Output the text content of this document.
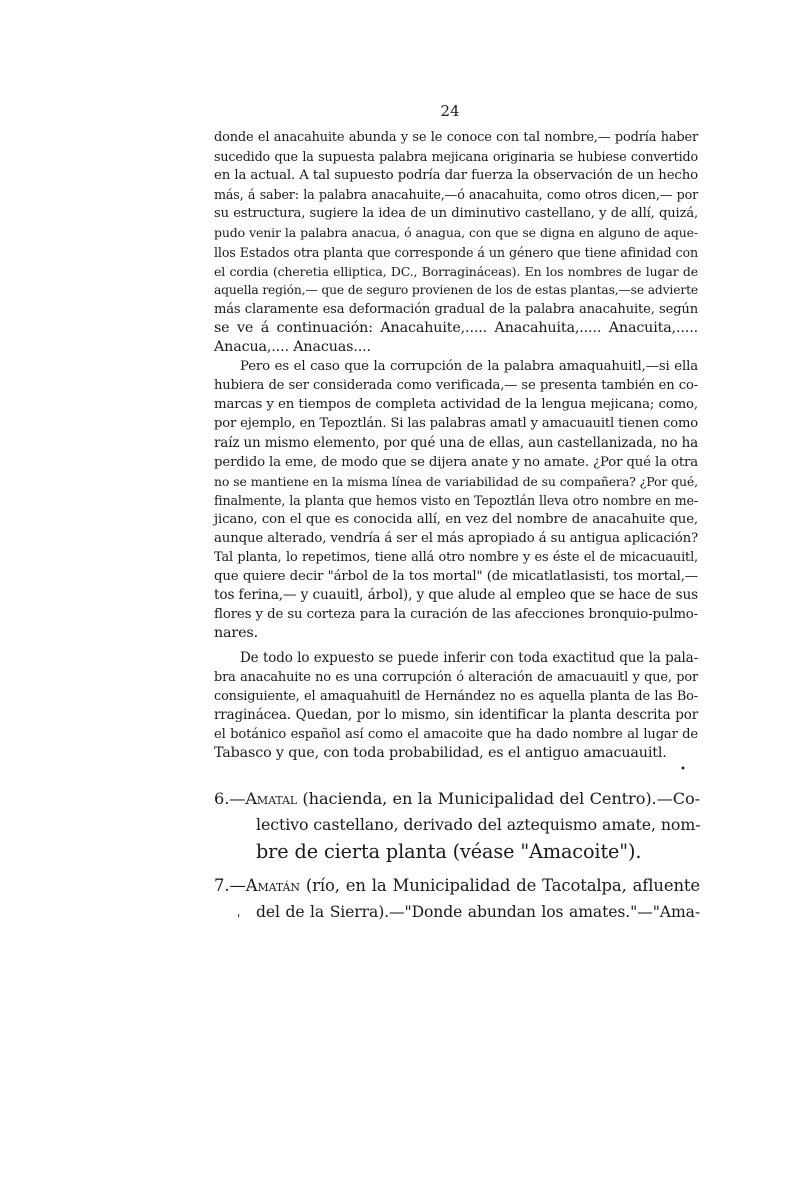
24
donde el anacahuite abunda y se le conoce con tal nombre,— podría haber
sucedido que la supuesta palabra mejicana originaria se hubiese convertido
en la actual. A tal supuesto podría dar fuerza la observación de un hecho
más, á saber: la palabra anacahuite,—ó anacahuita, como otros dicen,— por
su estructura, sugiere la idea de un diminutivo castellano, y de allí, quizá,
pudo venir la palabra anacua, ó anagua, con que se digna en alguno de aque-
llos Estados otra planta que corresponde á un género que tiene afinidad con
el cordia (cheretia elliptica, DC., Borragináceas). En los nombres de lugar de
aquella región,— que de seguro provienen de los de estas plantas,—se advierte
más claramente esa deformación gradual de la palabra anacahuite, según
se ve á continuación: Anacahuite,..... Anacahuita,..... Anacuita,.....
Anacua,.... Anacuas....
Pero es el caso que la corrupción de la palabra amaquahuitl,—si ella
hubiera de ser considerada como verificada,— se presenta también en co-
marcas y en tiempos de completa actividad de la lengua mejicana; como,
por ejemplo, en Tepoztlán. Si las palabras amatl y amacuauitl tienen como
raíz un mismo elemento, por qué una de ellas, aun castellanizada, no ha
perdido la eme, de modo que se dijera anate y no amate. ¿Por qué la otra
no se mantiene en la misma línea de variabilidad de su compañera? ¿Por qué,
finalmente, la planta que hemos visto en Tepoztlán lleva otro nombre en me-
jicano, con el que es conocida allí, en vez del nombre de anacahuite que,
aunque alterado, vendría á ser el más apropiado á su antigua aplicación?
Tal planta, lo repetimos, tiene allá otro nombre y es éste el de micacuauitl,
que quiere decir "árbol de la tos mortal" (de micatlatlasisti, tos mortal,—
tos ferina,— y cuauitl, árbol), y que alude al empleo que se hace de sus
flores y de su corteza para la curación de las afecciones bronquio-pulmo-
nares.
De todo lo expuesto se puede inferir con toda exactitud que la pala-
bra anacahuite no es una corrupción ó alteración de amacuauitl y que, por
consiguiente, el amaquahuitl de Hernández no es aquella planta de las Bo-
rraginácea. Quedan, por lo mismo, sin identificar la planta descrita por
el botánico español así como el amacoite que ha dado nombre al lugar de
Tabasco y que, con toda probabilidad, es el antiguo amacuauitl.
•
6.—Amatal (hacienda, en la Municipalidad del Centro).—Co-
lectivo castellano, derivado del aztequismo amate, nom-
bre de cierta planta (véase "Amacoite").
7.—Amatán (río, en la Municipalidad de Tacotalpa, afluente
del de la Sierra).—"Donde abundan los amates."—"Ama-
'
